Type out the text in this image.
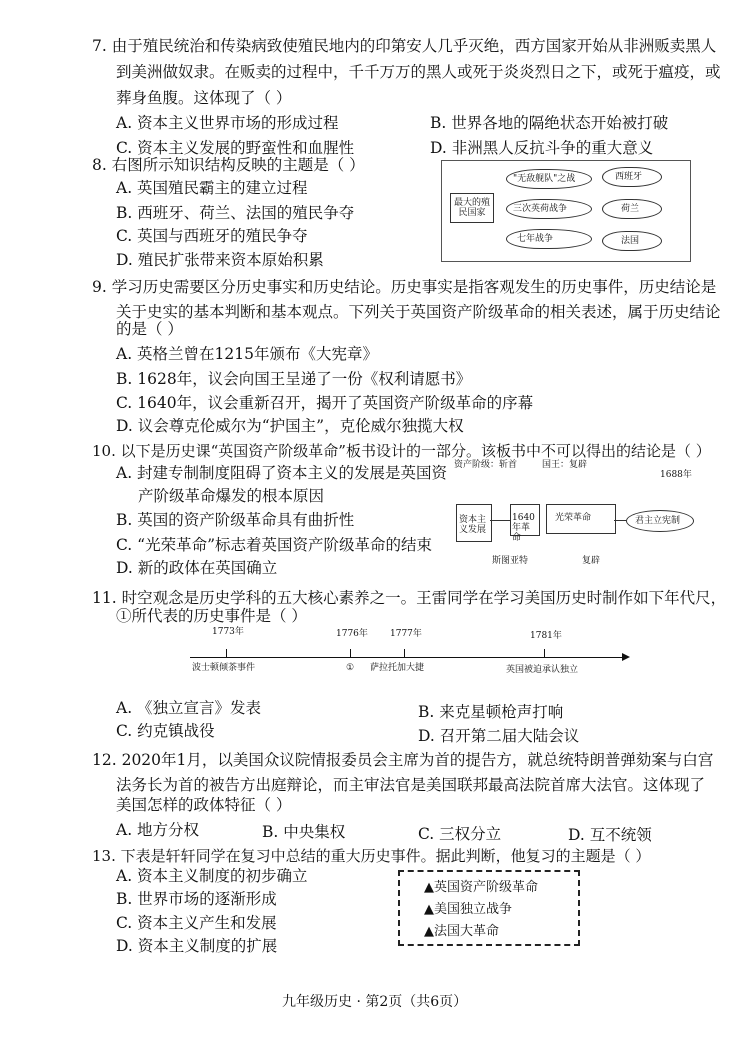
7. 由于殖民统治和传染病致使殖民地内的印第安人几乎灭绝，西方国家开始从非洲贩卖黑人
到美洲做奴隶。在贩卖的过程中，千千万万的黑人或死于炎炎烈日之下，或死于瘟疫，或
葬身鱼腹。这体现了（ ）
A. 资本主义世界市场的形成过程	B. 世界各地的隔绝状态开始被打破
C. 资本主义发展的野蛮性和血腥性	D. 非洲黑人反抗斗争的重大意义
8. 右图所示知识结构反映的主题是（ ）
A. 英国殖民霸主的建立过程
B. 西班牙、荷兰、法国的殖民争夺
C. 英国与西班牙的殖民争夺
D. 殖民扩张带来资本原始积累
最大的殖民国家
"无敌舰队"之战
三次英荷战争
七年战争
西班牙
荷兰
法国
9. 学习历史需要区分历史事实和历史结论。历史事实是指客观发生的历史事件，历史结论是
关于史实的基本判断和基本观点。下列关于英国资产阶级革命的相关表述，属于历史结论
的是（ ）
A. 英格兰曾在1215年颁布《大宪章》
B. 1628年，议会向国王呈递了一份《权利请愿书》
C. 1640年，议会重新召开，揭开了英国资产阶级革命的序幕
D. 议会尊克伦威尔为“护国主”，克伦威尔独揽大权
10. 以下是历史课“英国资产阶级革命”板书设计的一部分。该板书中不可以得出的结论是（ ）
A. 封建专制制度阻碍了资本主义的发展是英国资
产阶级革命爆发的根本原因
B. 英国的资产阶级革命具有曲折性
C. “光荣革命”标志着英国资产阶级革命的结束
D. 新的政体在英国确立
资产阶级：斩首	国王：复辟
1688年
资本主义发展
1640年革命
光荣革命	君主立宪制
斯图亚特	复辟
11. 时空观念是历史学科的五大核心素养之一。王雷同学在学习美国历史时制作如下年代尺，
①所代表的历史事件是（ ）
1773年	1776年 1777年	1781年
波士顿倾茶事件	① 萨拉托加大捷	英国被迫承认独立
A. 《独立宣言》发表	B. 来克星顿枪声打响
C. 约克镇战役	D. 召开第二届大陆会议
12. 2020年1月，以美国众议院情报委员会主席为首的提告方，就总统特朗普弹劾案与白宫
法务长为首的被告方出庭辩论，而主审法官是美国联邦最高法院首席大法官。这体现了
美国怎样的政体特征（ ）
A. 地方分权	B. 中央集权	C. 三权分立	D. 互不统领
13. 下表是轩轩同学在复习中总结的重大历史事件。据此判断，他复习的主题是（ ）
A. 资本主义制度的初步确立
B. 世界市场的逐渐形成
C. 资本主义产生和发展
D. 资本主义制度的扩展
▲英国资产阶级革命
▲美国独立战争
▲法国大革命
九年级历史 · 第2页（共6页）
